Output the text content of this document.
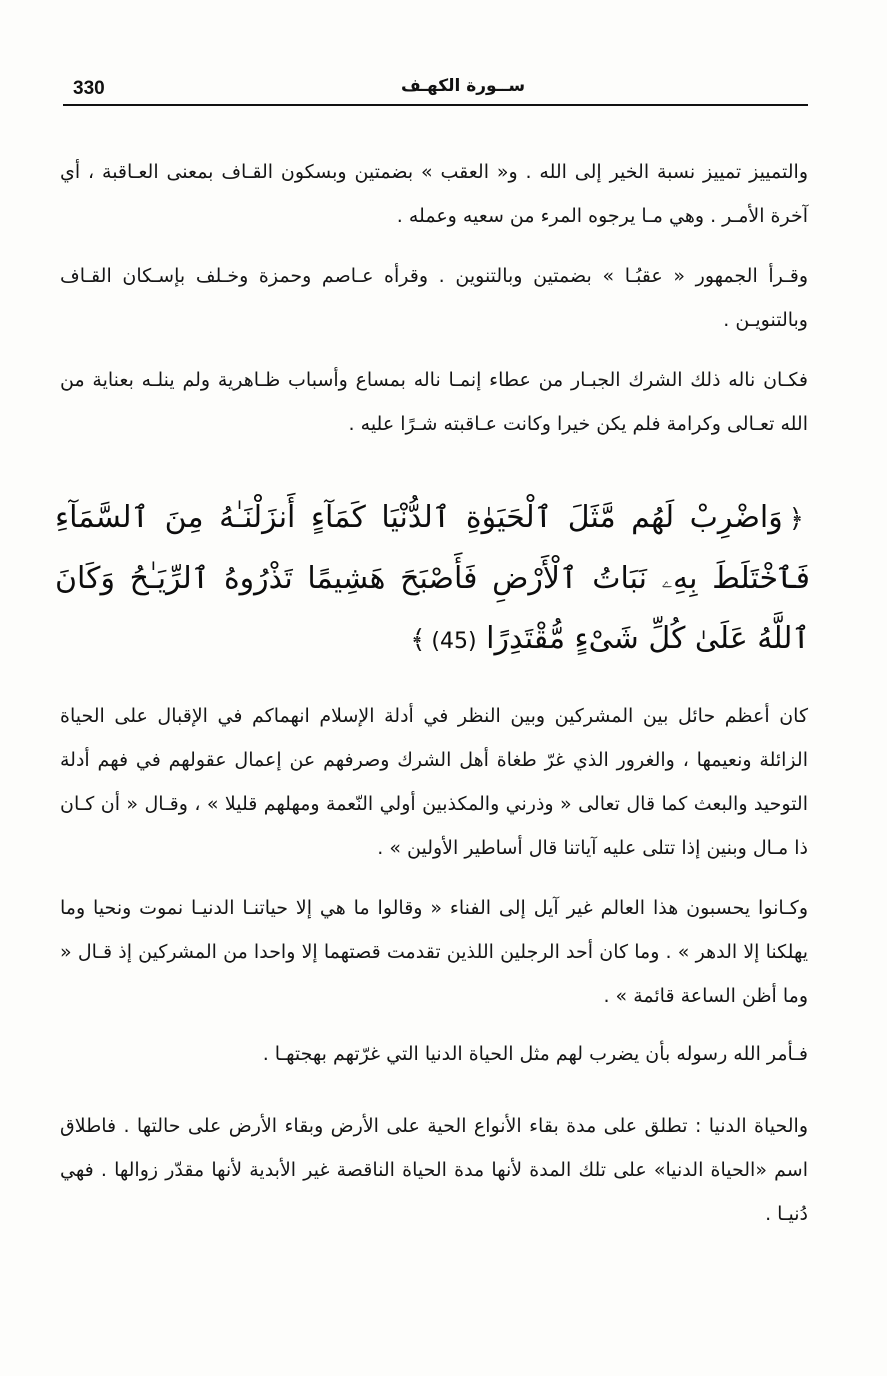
330	ســورة الكهـف

والتمييز تمييز نسبة الخير إلى الله . و« العقب » بضمتين وبسكون القـاف بمعنى العـاقبة ، أي آخرة الأمـر . وهي مـا يرجوه المرء من سعيه وعمله .

وقـرأ الجمهور « عقبُـا » بضمتين وبالتنوين . وقرأه عـاصم وحمزة وخـلف بإسـكان القـاف وبالتنويـن .

فكـان ناله ذلك الشرك الجبـار من عطاء إنمـا ناله بمساع وأسباب ظـاهرية ولم ينلـه بعناية من الله تعـالى وكرامة فلم يكن خيرا وكانت عـاقبته شـرًا عليه .

﴿وَاضْرِبْ لَهُم مَّثَلَ ٱلْحَيَوٰةِ ٱلدُّنْيَا كَمَآءٍ أَنزَلْنَـٰهُ مِنَ ٱلسَّمَآءِ فَٱخْتَلَطَ بِهِۦ نَبَاتُ ٱلْأَرْضِ فَأَصْبَحَ هَشِيمًا تَذْرُوهُ ٱلرِّيَـٰحُ وَكَانَ ٱللَّهُ عَلَىٰ كُلِّ شَىْءٍ مُّقْتَدِرًا (45)﴾

كان أعظم حائل بين المشركين وبين النظر في أدلة الإسلام انهماكم في الإقبال على الحياة الزائلة ونعيمها ، والغرور الذي غرّ طغاة أهل الشرك وصرفهم عن إعمال عقولهم في فهم أدلة التوحيد والبعث كما قال تعالى « وذرني والمكذبين أولي النّعمة ومهلهم قليلا » ، وقـال « أن كـان ذا مـال وبنين إذا تتلى عليه آياتنا قال أساطير الأولين » .

وكـانوا يحسبون هذا العالم غير آيل إلى الفناء « وقالوا ما هي إلا حياتنـا الدنيـا نموت ونحيا وما يهلكنا إلا الدهر » . وما كان أحد الرجلين اللذين تقدمت قصتهما إلا واحدا من المشركين إذ قـال « وما أظن الساعة قائمة » .

فـأمر الله رسوله بأن يضرب لهم مثل الحياة الدنيا التي غرّتهم بهجتهـا .

والحياة الدنيا : تطلق على مدة بقاء الأنواع الحية على الأرض وبقاء الأرض على حالتها . فاطلاق اسم «الحياة الدنيا» على تلك المدة لأنها مدة الحياة الناقصة غير الأبدية لأنها مقدّر زوالها . فهي دُنيـا .
